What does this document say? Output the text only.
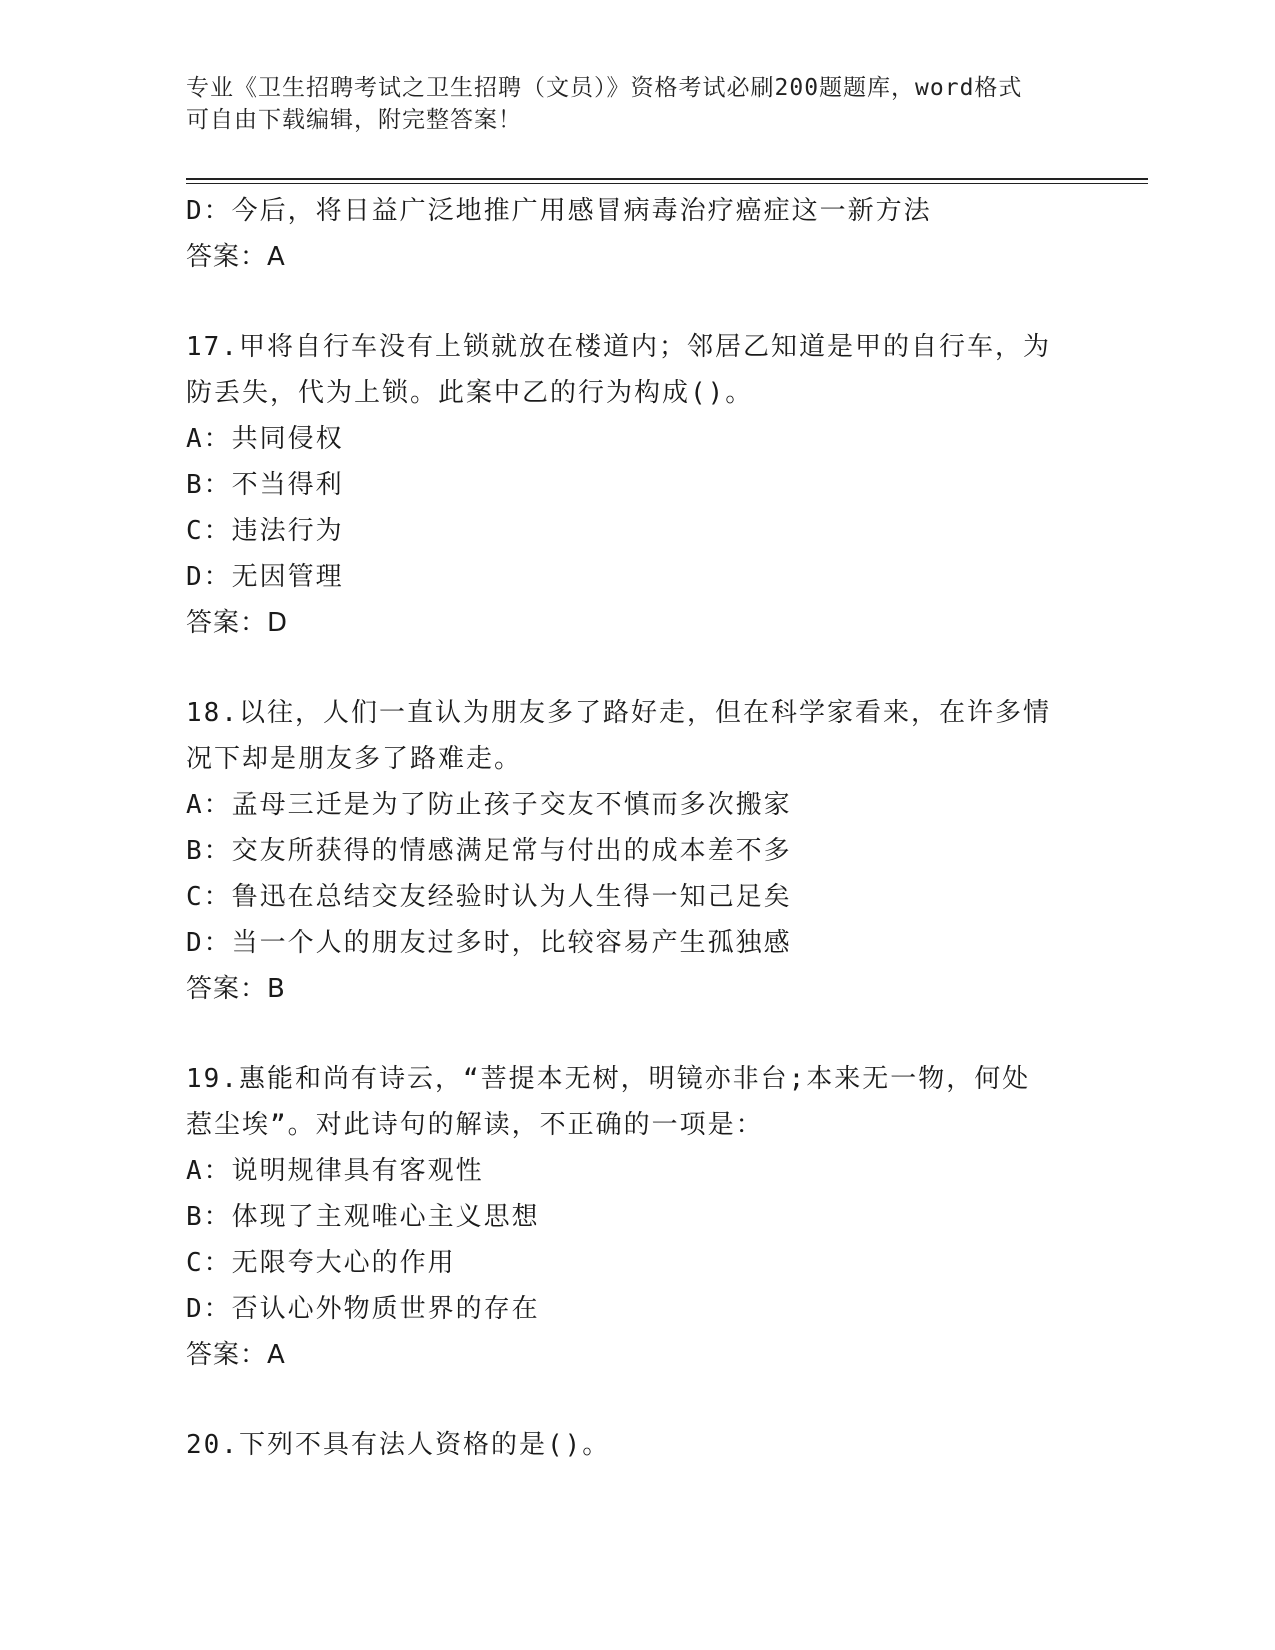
专业《卫生招聘考试之卫生招聘（文员）》资格考试必刷200题题库，word格式
可自由下载编辑，附完整答案！
D：今后，将日益广泛地推广用感冒病毒治疗癌症这一新方法
答案：A
17.甲将自行车没有上锁就放在楼道内；邻居乙知道是甲的自行车，为
防丢失，代为上锁。此案中乙的行为构成()。
A：共同侵权
B：不当得利
C：违法行为
D：无因管理
答案：D
18.以往，人们一直认为朋友多了路好走，但在科学家看来，在许多情
况下却是朋友多了路难走。
A：孟母三迁是为了防止孩子交友不慎而多次搬家
B：交友所获得的情感满足常与付出的成本差不多
C：鲁迅在总结交友经验时认为人生得一知己足矣
D：当一个人的朋友过多时，比较容易产生孤独感
答案：B
19.惠能和尚有诗云，“菩提本无树，明镜亦非台;本来无一物，何处
惹尘埃”。对此诗句的解读，不正确的一项是：
A：说明规律具有客观性
B：体现了主观唯心主义思想
C：无限夸大心的作用
D：否认心外物质世界的存在
答案：A
20.下列不具有法人资格的是()。
